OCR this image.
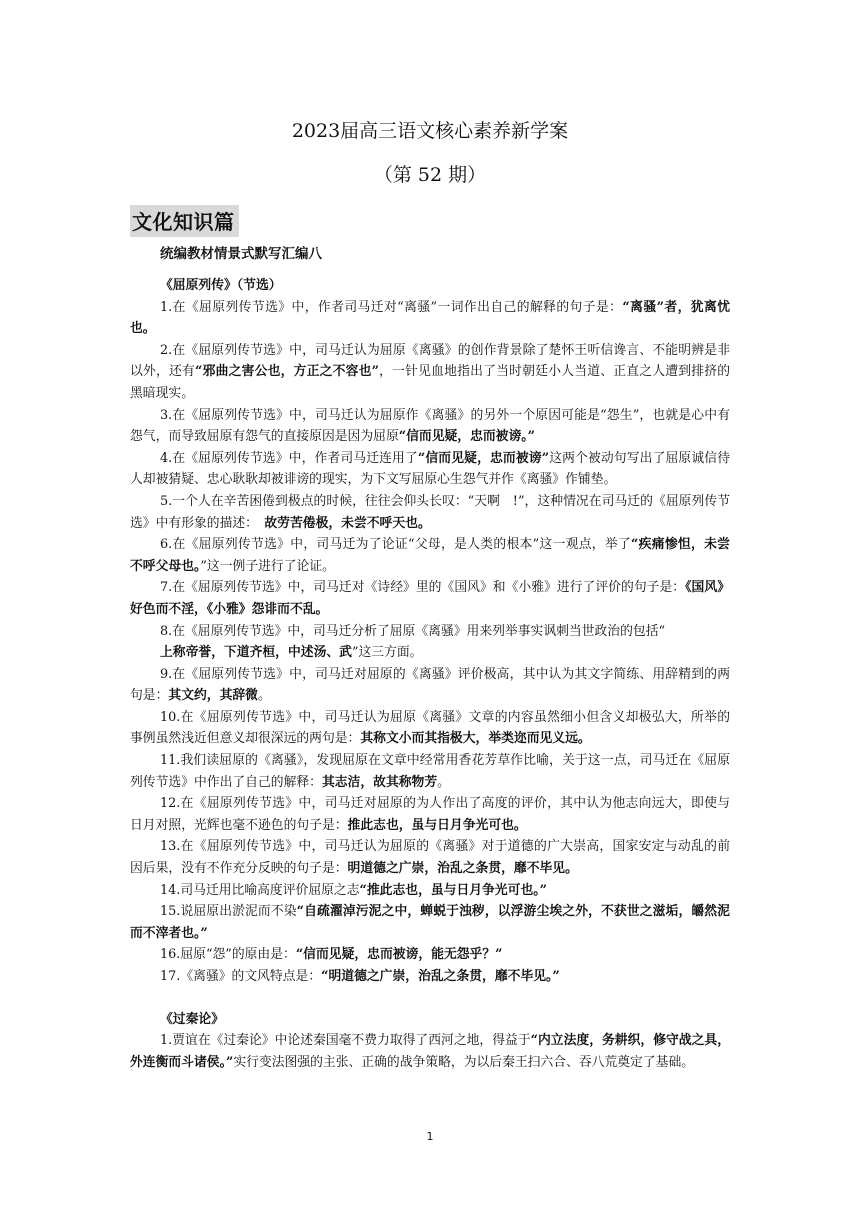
2023届高三语文核心素养新学案
（第 52 期）
文化知识篇
统编教材情景式默写汇编八

《屈原列传》（节选）

1.在《屈原列传节选》中，作者司马迁对“离骚”一词作出自己的解释的句子是：“离骚”者，犹离忧也。

2.在《屈原列传节选》中，司马迁认为屈原《离骚》的创作背景除了楚怀王听信谗言、不能明辨是非以外，还有“邪曲之害公也，方正之不容也”，一针见血地指出了当时朝廷小人当道、正直之人遭到排挤的黑暗现实。

3.在《屈原列传节选》中，司马迁认为屈原作《离骚》的另外一个原因可能是“怨生”，也就是心中有怨气，而导致屈原有怨气的直接原因是因为屈原“信而见疑，忠而被谤。”

4.在《屈原列传节选》中，作者司马迁连用了“信而见疑，忠而被谤”这两个被动句写出了屈原诚信待人却被猜疑、忠心耿耿却被诽谤的现实，为下文写屈原心生怨气并作《离骚》作铺垫。

5.一个人在辛苦困倦到极点的时候，往往会仰头长叹：“天啊　!”，这种情况在司马迁的《屈原列传节选》中有形象的描述：　故劳苦倦极，未尝不呼天也。

6.在《屈原列传节选》中，司马迁为了论证“父母，是人类的根本”这一观点，举了“疾痛惨怛，未尝不呼父母也。”这一例子进行了论证。

7.在《屈原列传节选》中，司马迁对《诗经》里的《国风》和《小雅》进行了评价的句子是：《国风》好色而不淫，《小雅》怨诽而不乱。

8.在《屈原列传节选》中，司马迁分析了屈原《离骚》用来列举事实讽刺当世政治的包括“

上称帝誉，下道齐桓，中述汤、武”这三方面。

9.在《屈原列传节选》中，司马迁对屈原的《离骚》评价极高，其中认为其文字简练、用辞精到的两句是：其文约，其辞微。

10.在《屈原列传节选》中，司马迁认为屈原《离骚》文章的内容虽然细小但含义却极弘大，所举的事例虽然浅近但意义却很深远的两句是：其称文小而其指极大，举类迩而见义远。

11.我们读屈原的《离骚》，发现屈原在文章中经常用香花芳草作比喻，关于这一点，司马迁在《屈原列传节选》中作出了自己的解释：其志洁，故其称物芳。

12.在《屈原列传节选》中，司马迁对屈原的为人作出了高度的评价，其中认为他志向远大，即使与日月对照，光辉也毫不逊色的句子是：推此志也，虽与日月争光可也。

13.在《屈原列传节选》中，司马迁认为屈原的《离骚》对于道德的广大崇高，国家安定与动乱的前因后果，没有不作充分反映的句子是：明道德之广崇，治乱之条贯，靡不毕见。

14.司马迁用比喻高度评价屈原之志“推此志也，虽与日月争光可也。”

15.说屈原出淤泥而不染“自疏濯淖污泥之中，蝉蜕于浊秽，以浮游尘埃之外，不获世之滋垢，皭然泥而不滓者也。”

16.屈原“怨”的原由是：“信而见疑，忠而被谤，能无怨乎？”

17.《离骚》的文风特点是：“明道德之广崇，治乱之条贯，靡不毕见。”

《过秦论》

1.贾谊在《过秦论》中论述秦国毫不费力取得了西河之地，得益于“内立法度，务耕织，修守战之具，外连衡而斗诸侯。”实行变法图强的主张、正确的战争策略，为以后秦王扫六合、吞八荒奠定了基础。

1
